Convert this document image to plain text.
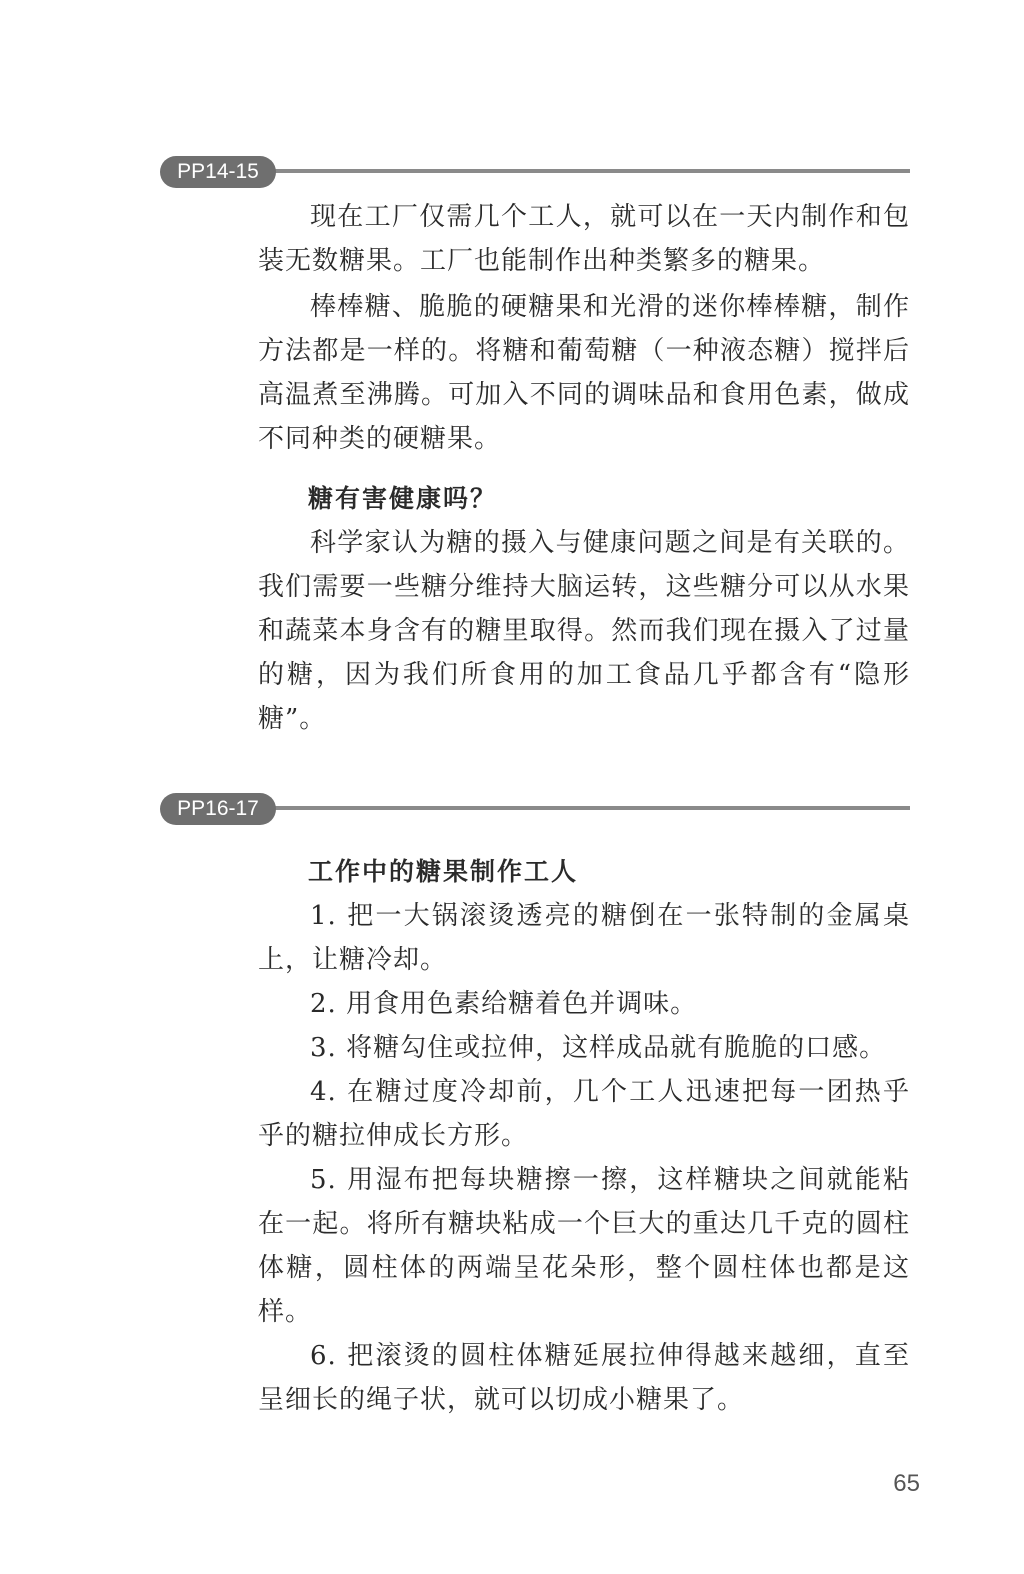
PP14-15

现在工厂仅需几个工人，就可以在一天内制作和包装无数糖果。工厂也能制作出种类繁多的糖果。

棒棒糖、脆脆的硬糖果和光滑的迷你棒棒糖，制作方法都是一样的。将糖和葡萄糖（一种液态糖）搅拌后高温煮至沸腾。可加入不同的调味品和食用色素，做成不同种类的硬糖果。

糖有害健康吗？

科学家认为糖的摄入与健康问题之间是有关联的。我们需要一些糖分维持大脑运转，这些糖分可以从水果和蔬菜本身含有的糖里取得。然而我们现在摄入了过量的糖，因为我们所食用的加工食品几乎都含有“隐形糖”。

PP16-17

工作中的糖果制作工人

1. 把一大锅滚烫透亮的糖倒在一张特制的金属桌上，让糖冷却。

2. 用食用色素给糖着色并调味。

3. 将糖勾住或拉伸，这样成品就有脆脆的口感。

4. 在糖过度冷却前，几个工人迅速把每一团热乎乎的糖拉伸成长方形。

5. 用湿布把每块糖擦一擦，这样糖块之间就能粘在一起。将所有糖块粘成一个巨大的重达几千克的圆柱体糖，圆柱体的两端呈花朵形，整个圆柱体也都是这样。

6. 把滚烫的圆柱体糖延展拉伸得越来越细，直至呈细长的绳子状，就可以切成小糖果了。

65
